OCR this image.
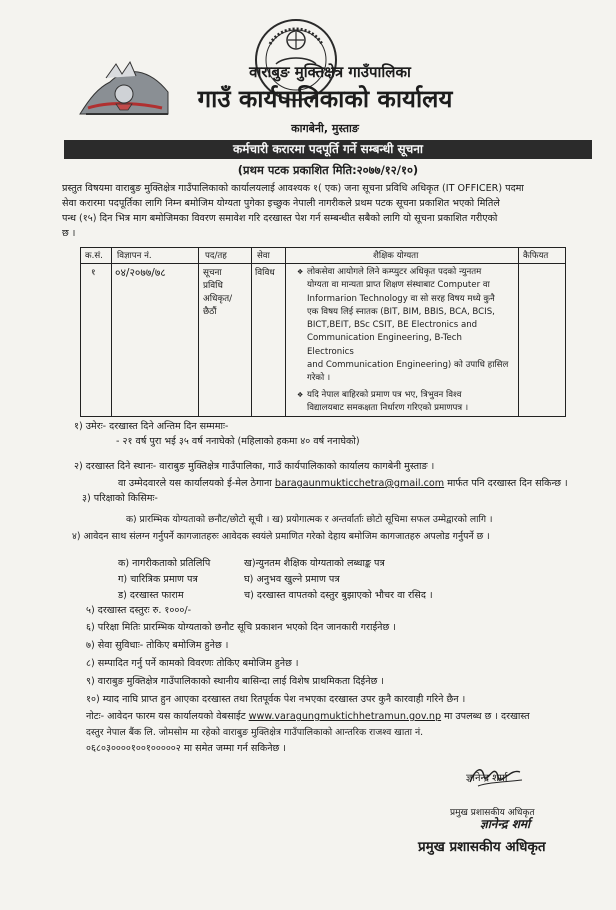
वाराबुङ मुक्तिक्षेत्र गाउँपालिका
गाउँ कार्यपालिकाको कार्यालय
कागबेनी, मुस्ताङ
कर्मचारी करारमा पदपूर्ति गर्ने सम्बन्धी सूचना
(प्रथम पटक प्रकाशित मिति:२०७७/१२/१०)
प्रस्तुत विषयमा वाराबुङ मुक्तिक्षेत्र गाउँपालिकाको कार्यालयलाई आवश्यक १( एक) जना सूचना प्रविधि अधिकृत (IT OFFICER) पदमा
सेवा करारमा पदपूर्तिका लागि निम्न बमोजिम योग्यता पुगेका इच्छुक नेपाली नागरीकले प्रथम पटक सूचना प्रकाशित भएको मितिले
पन्ध (१५) दिन भित्र माग बमोजिमका विवरण समावेश गरि दरखास्त पेश गर्न सम्बन्धीत सबैको लागि यो सूचना प्रकाशित गरीएको
छ ।
क.सं. विज्ञापन नं.	पद/तह	सेवा	शैक्षिक योग्यता	कैफियत
१ ०४/२०७७/७८	सूचना
प्रविधि
अधिकृत/
छैठौं
विविध	❖ लोकसेवा आयोगले लिने कम्प्युटर अधिकृत पदको न्युनतम
योग्यता वा मान्यता प्राप्त शिक्षण संस्थाबाट Computer वा
Informarion Technology वा सो सरह विषय मध्ये कुनै
एक विषय लिई स्नातक (BIT, BIM, BBIS, BCA, BCIS,
BICT,BEIT, BSc CSIT, BE Electronics and
Communication Engineering, B-Tech Electronics
and Communication Engineering) को उपाधि हासिल
गरेको ।
❖ यदि नेपाल बाहिरको प्रमाण पत्र भए, त्रिभुवन विश्व
विद्यालयबाट समकक्षता निर्धारण गरिएको प्रमाणपत्र ।
१) उमेरः- दरखास्त दिने अन्तिम दिन सम्ममाः-
- २१ वर्ष पुरा भई ३५ वर्ष ननाघेको (महिलाको हकमा ४० वर्ष ननाघेको)
२) दरखास्त दिने स्थानः- वाराबुङ मुक्तिक्षेत्र गाउँपालिका, गाउँ कार्यपालिकाको कार्यालय कागबेनी मुस्ताङ ।
वा उम्मेदवारले यस कार्यालयको ई-मेल ठेगाना baragaunmukticchetra@gmail.com मार्फत पनि दरखास्त दिन सकिन्छ ।
३) परिक्षाको किसिमः-
क) प्रारम्भिक योग्यताको छनौट/छोटो सूची । ख) प्रयोगात्मक र अन्तर्वार्ताः छोटो सूचिमा सफल उम्मेद्वारको लागि ।
४) आवेदन साथ संलग्न गर्नुपर्ने कागजातहरुः आवेदक स्वयंले प्रमाणित गरेको देहाय बमोजिम कागजातहरु अपलोड गर्नुपर्ने छ ।
क) नागरीकताको प्रतिलिपि	ख)न्युनतम शैक्षिक योग्यताको लब्धाङ्क पत्र
ग) चारित्रिक प्रमाण पत्र	घ) अनुभव खुल्ने प्रमाण पत्र
ड) दरखास्त फाराम	च) दरखास्त वापतको दस्तुर बुझाएको भौचर वा रसिद ।
५) दरखास्त दस्तुरः रु. १०००/-
६) परिक्षा मितिः प्रारम्भिक योग्यताको छनौट सूचि प्रकाशन भएको दिन जानकारी गराईनेछ ।
७) सेवा सुविधाः- तोकिए बमोजिम हुनेछ ।
८) सम्पादित गर्नु पर्ने कामको विवरणः तोकिए बमोजिम हुनेछ ।
९) वाराबुङ मुक्तिक्षेत्र गाउँपालिकाको स्थानीय बासिन्दा लाई विशेष प्राथमिकता दिईनेछ ।
१०) म्याद नाघि प्राप्त हुन आएका दरखास्त तथा रितपूर्वक पेश नभएका दरखास्त उपर कुनै कारवाही गरिने छैन ।
नोटः- आवेदन फारम यस कार्यालयको वेबसाईट www.varagungmuktichhetramun.gov.np मा उपलब्ध छ । दरखास्त
दस्तुर नेपाल बैंक लि. जोमसोम मा रहेको वाराबुङ मुक्तिक्षेत्र गाउँपालिकाको आन्तरिक राजश्व खाता नं.
०६८०३००००१००१०००००२ मा समेत जम्मा गर्न सकिनेछ ।
ज्ञानेन्द्र शर्मा
प्रमुख प्रशासकीय अधिकृत
ज्ञानेन्द्र शर्मा
प्रमुख प्रशासकीय अधिकृत
